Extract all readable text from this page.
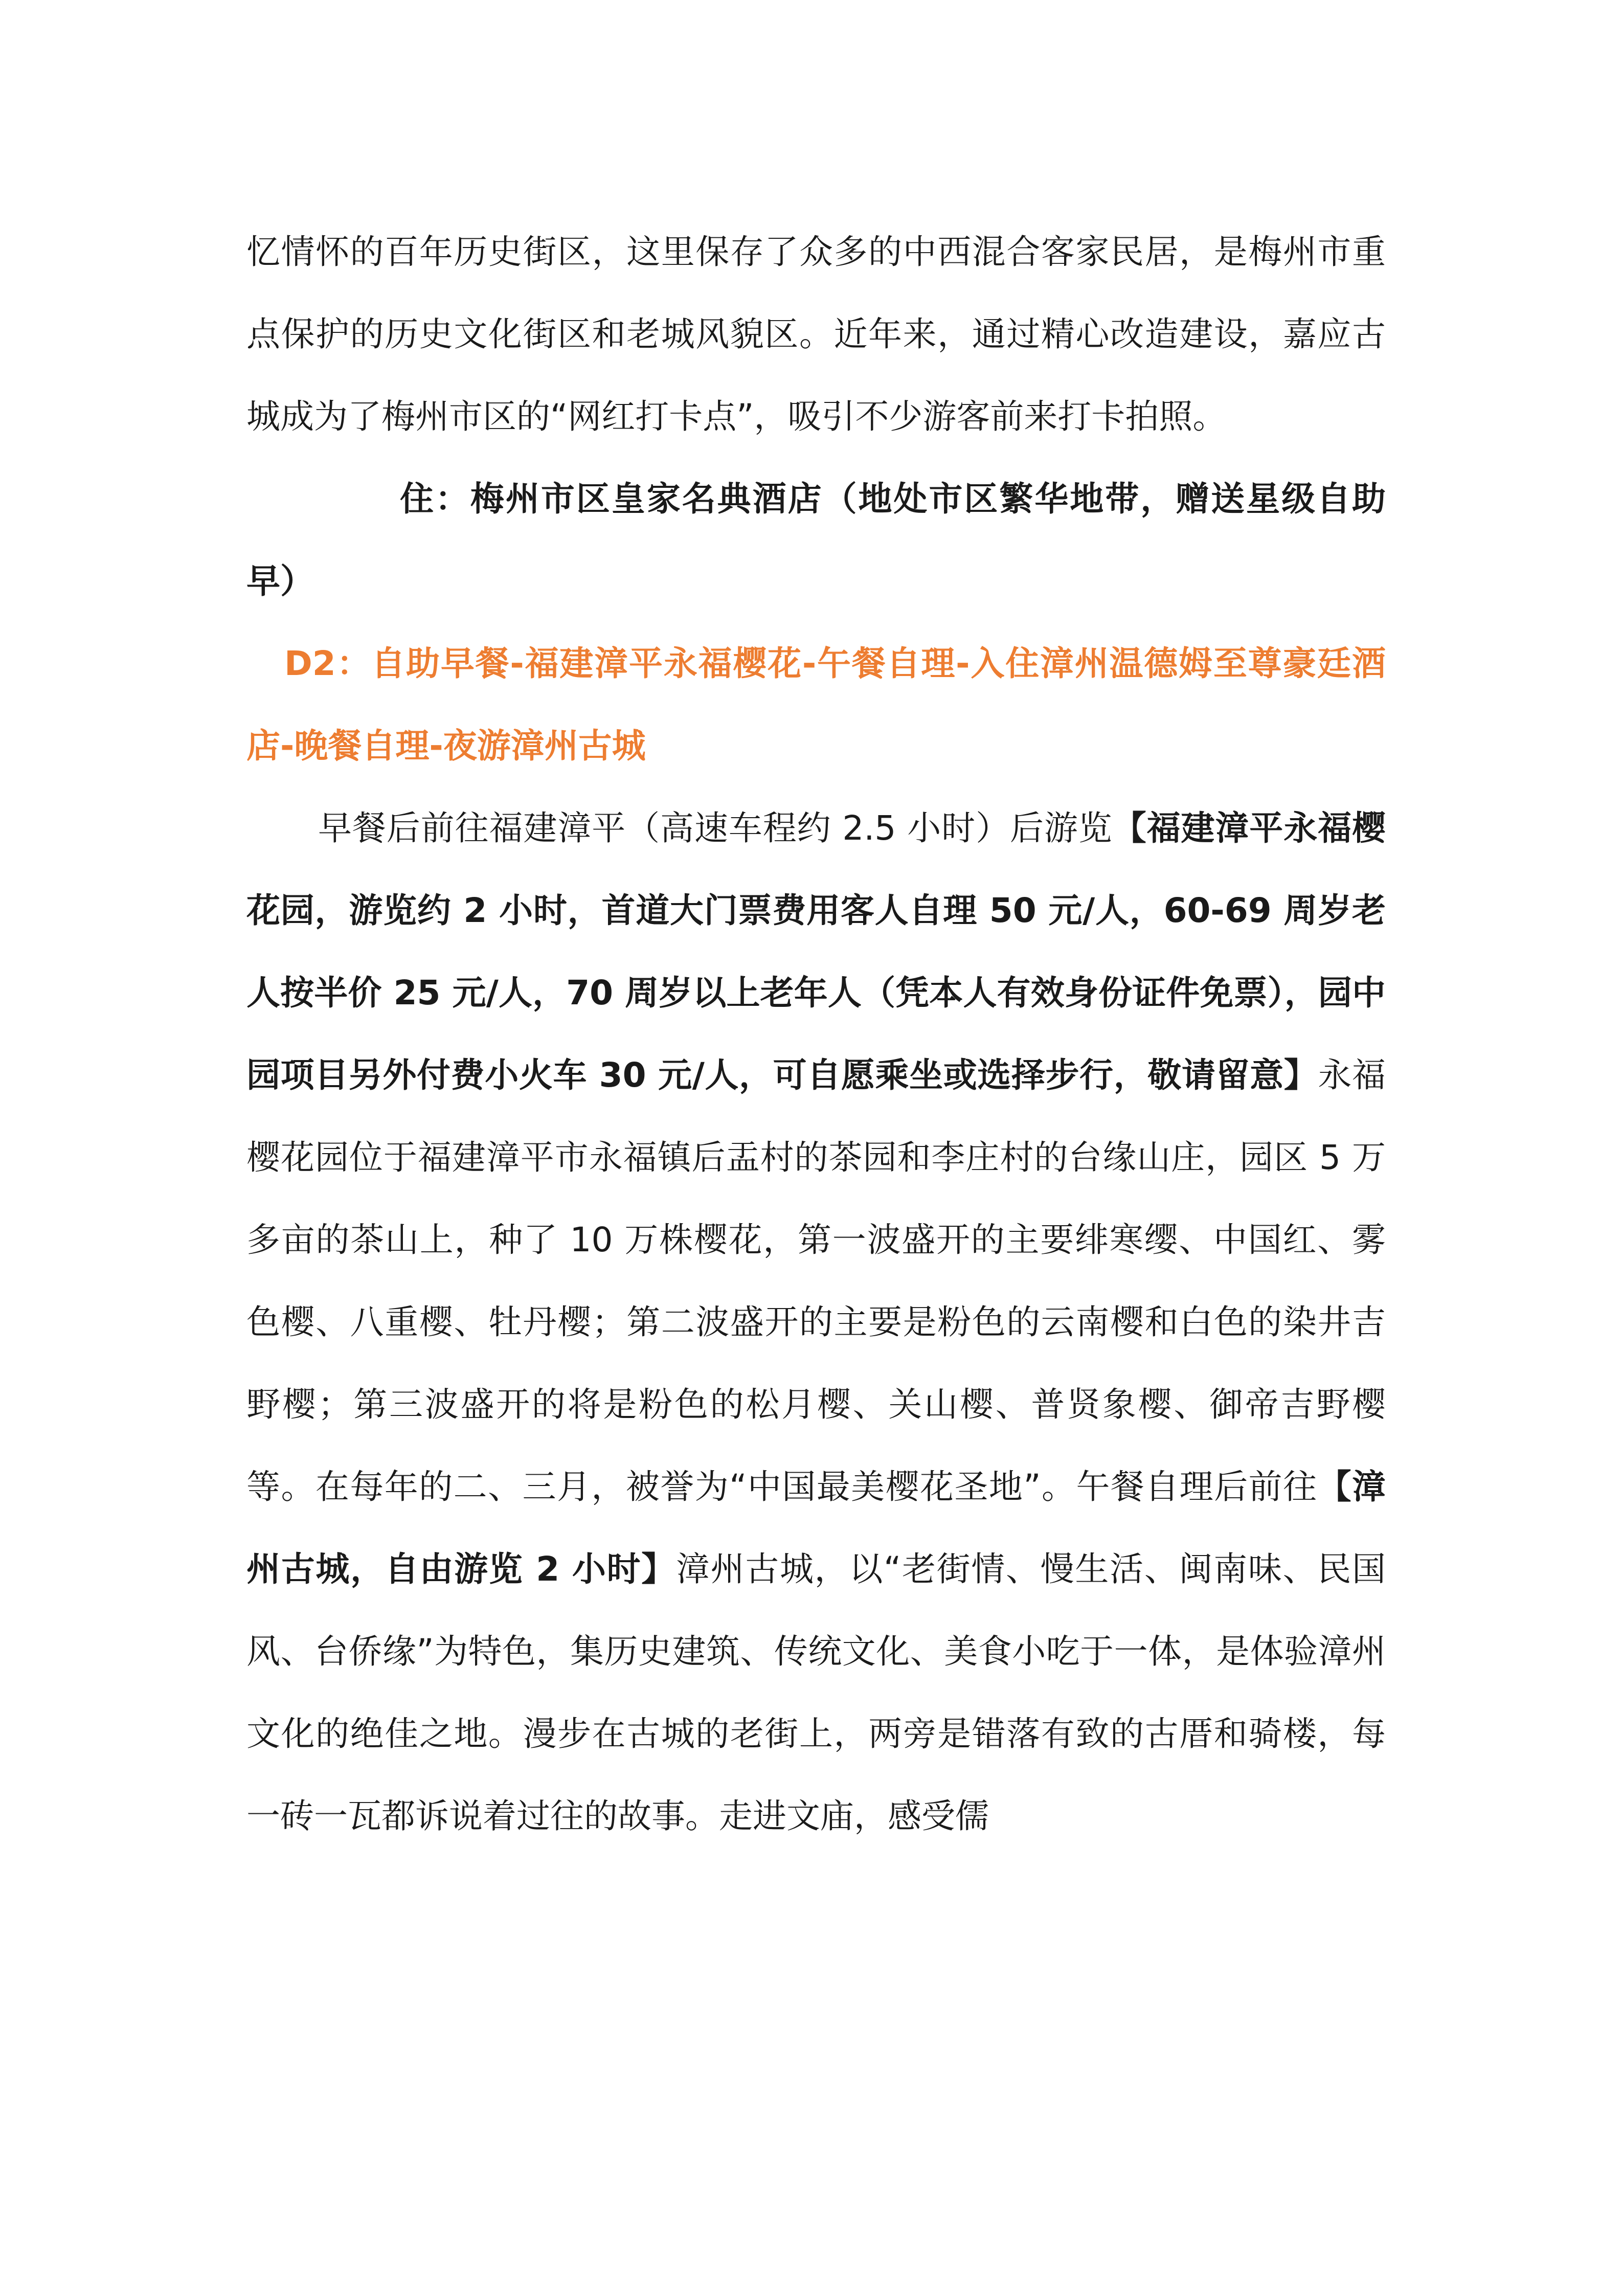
忆情怀的百年历史街区，这里保存了众多的中西混合客家民居，是梅州市重点保护的历史文化街区和老城风貌区。近年来，通过精心改造建设，嘉应古城成为了梅州市区的“网红打卡点”，吸引不少游客前来打卡拍照。

住：梅州市区皇家名典酒店（地处市区繁华地带，赠送星级自助早）

D2：自助早餐-福建漳平永福樱花-午餐自理-入住漳州温德姆至尊豪廷酒店-晚餐自理-夜游漳州古城

早餐后前往福建漳平（高速车程约 2.5 小时）后游览【福建漳平永福樱花园，游览约 2 小时，首道大门票费用客人自理 50 元/人，60-69 周岁老人按半价 25 元/人，70 周岁以上老年人（凭本人有效身份证件免票），园中园项目另外付费小火车 30 元/人，可自愿乘坐或选择步行，敬请留意】永福樱花园位于福建漳平市永福镇后盂村的茶园和李庄村的台缘山庄，园区 5 万多亩的茶山上，种了 10 万株樱花，第一波盛开的主要绯寒缨、中国红、雾色樱、八重樱、牡丹樱；第二波盛开的主要是粉色的云南樱和白色的染井吉野樱；第三波盛开的将是粉色的松月樱、关山樱、普贤象樱、御帝吉野樱等。在每年的二、三月，被誉为“中国最美樱花圣地”。午餐自理后前往【漳州古城，自由游览 2 小时】漳州古城，以“老街情、慢生活、闽南味、民国风、台侨缘”为特色，集历史建筑、传统文化、美食小吃于一体，是体验漳州文化的绝佳之地。漫步在古城的老街上，两旁是错落有致的古厝和骑楼，每一砖一瓦都诉说着过往的故事。走进文庙，感受儒
